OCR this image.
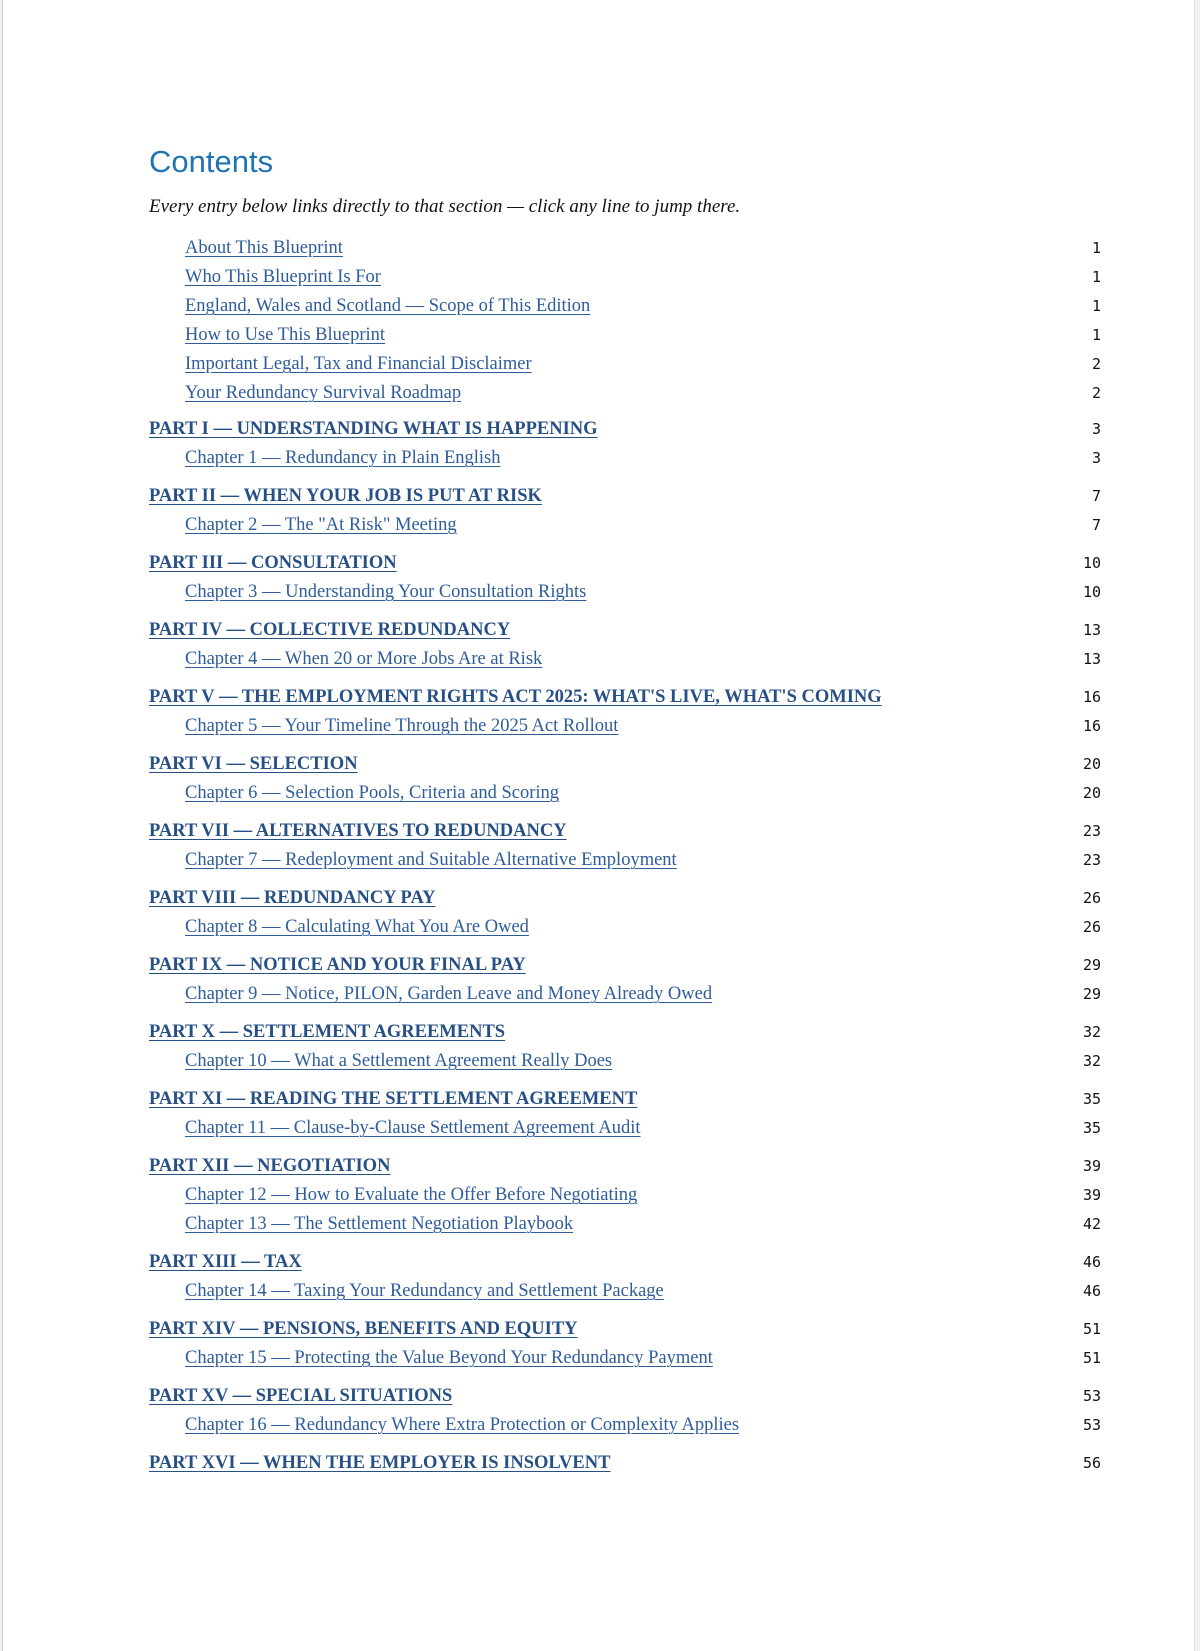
Contents

Every entry below links directly to that section — click any line to jump there.

About This Blueprint	1
Who This Blueprint Is For	1
England, Wales and Scotland — Scope of This Edition	1
How to Use This Blueprint	1
Important Legal, Tax and Financial Disclaimer	2
Your Redundancy Survival Roadmap	2
PART I — UNDERSTANDING WHAT IS HAPPENING	3
Chapter 1 — Redundancy in Plain English	3
PART II — WHEN YOUR JOB IS PUT AT RISK	7
Chapter 2 — The "At Risk" Meeting	7
PART III — CONSULTATION	10
Chapter 3 — Understanding Your Consultation Rights	10
PART IV — COLLECTIVE REDUNDANCY	13
Chapter 4 — When 20 or More Jobs Are at Risk	13
PART V — THE EMPLOYMENT RIGHTS ACT 2025: WHAT'S LIVE, WHAT'S COMING	16
Chapter 5 — Your Timeline Through the 2025 Act Rollout	16
PART VI — SELECTION	20
Chapter 6 — Selection Pools, Criteria and Scoring	20
PART VII — ALTERNATIVES TO REDUNDANCY	23
Chapter 7 — Redeployment and Suitable Alternative Employment	23
PART VIII — REDUNDANCY PAY	26
Chapter 8 — Calculating What You Are Owed	26
PART IX — NOTICE AND YOUR FINAL PAY	29
Chapter 9 — Notice, PILON, Garden Leave and Money Already Owed	29
PART X — SETTLEMENT AGREEMENTS	32
Chapter 10 — What a Settlement Agreement Really Does	32
PART XI — READING THE SETTLEMENT AGREEMENT	35
Chapter 11 — Clause-by-Clause Settlement Agreement Audit	35
PART XII — NEGOTIATION	39
Chapter 12 — How to Evaluate the Offer Before Negotiating	39
Chapter 13 — The Settlement Negotiation Playbook	42
PART XIII — TAX	46
Chapter 14 — Taxing Your Redundancy and Settlement Package	46
PART XIV — PENSIONS, BENEFITS AND EQUITY	51
Chapter 15 — Protecting the Value Beyond Your Redundancy Payment	51
PART XV — SPECIAL SITUATIONS	53
Chapter 16 — Redundancy Where Extra Protection or Complexity Applies	53
PART XVI — WHEN THE EMPLOYER IS INSOLVENT	56
